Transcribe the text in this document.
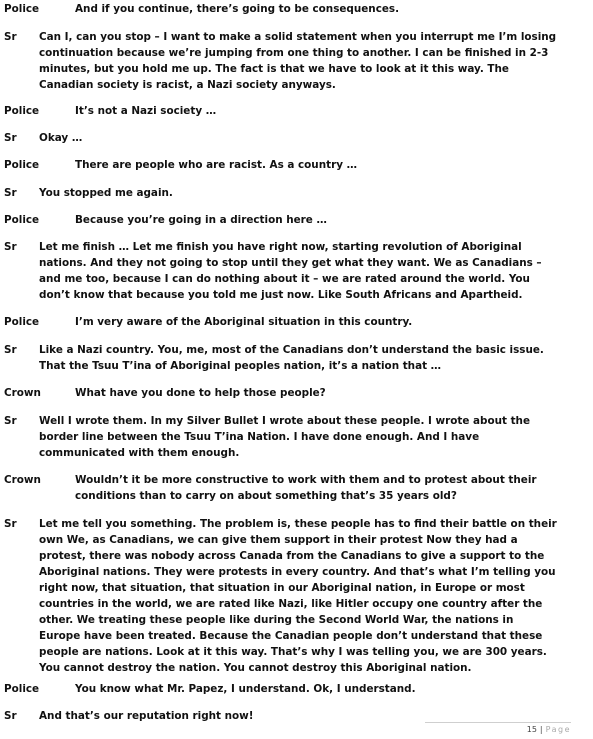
Police	And if you continue, there’s going to be consequences.
Sr Can I, can you stop – I want to make a solid statement when you interrupt me I’m losing
continuation because we’re jumping from one thing to another. I can be finished in 2-3
minutes, but you hold me up. The fact is that we have to look at it this way. The
Canadian society is racist, a Nazi society anyways.
Police	It’s not a Nazi society …
Sr Okay …
Police	There are people who are racist. As a country …
Sr You stopped me again.
Police	Because you’re going in a direction here …
Sr Let me finish … Let me finish you have right now, starting revolution of Aboriginal
nations. And they not going to stop until they get what they want. We as Canadians –
and me too, because I can do nothing about it – we are rated around the world. You
don’t know that because you told me just now. Like South Africans and Apartheid.
Police	I’m very aware of the Aboriginal situation in this country.
Sr Like a Nazi country. You, me, most of the Canadians don’t understand the basic issue.
That the Tsuu T’ina of Aboriginal peoples nation, it’s a nation that …
Crown	What have you done to help those people?
Sr Well I wrote them. In my Silver Bullet I wrote about these people. I wrote about the
border line between the Tsuu T’ina Nation. I have done enough. And I have
communicated with them enough.
Crown	Wouldn’t it be more constructive to work with them and to protest about their
conditions than to carry on about something that’s 35 years old?
Sr Let me tell you something. The problem is, these people has to find their battle on their
own We, as Canadians, we can give them support in their protest Now they had a
protest, there was nobody across Canada from the Canadians to give a support to the
Aboriginal nations. They were protests in every country. And that’s what I’m telling you
right now, that situation, that situation in our Aboriginal nation, in Europe or most
countries in the world, we are rated like Nazi, like Hitler occupy one country after the
other. We treating these people like during the Second World War, the nations in
Europe have been treated. Because the Canadian people don’t understand that these
people are nations. Look at it this way. That’s why I was telling you, we are 300 years.
You cannot destroy the nation. You cannot destroy this Aboriginal nation.
Police	You know what Mr. Papez, I understand. Ok, I understand.
Sr And that’s our reputation right now!
15 | Page
